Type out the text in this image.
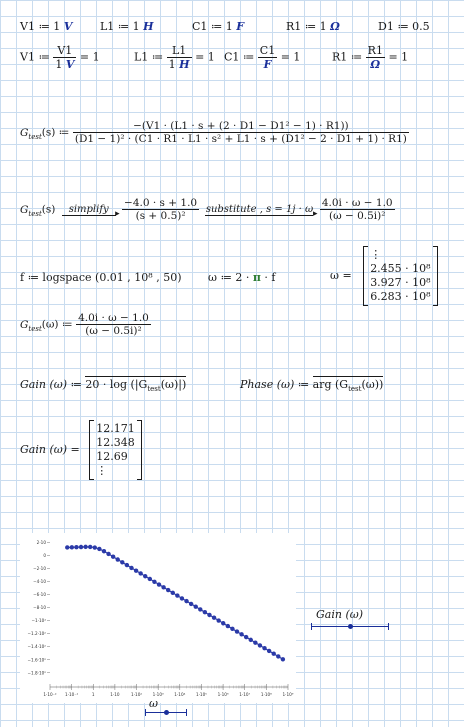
V1 ≔ 1 V	L1 ≔ 1 H	C1 ≔ 1 F	R1 ≔ 1 Ω	D1 ≔ 0.5
V1 ≔ $\frac{V1}{1 V} = 1$	L1 ≔ $\frac{L1}{1 H} = 1$ C1 ≔ $\frac{C1}{F} = 1$	R1 ≔ $\frac{R1}{\Omega} = 1$
$G_{test}(s)$ ≔
−(V1 · (L1 · s + (2 · D1 − D1² − 1) · R1))
(D1 − 1)² · (C1 · R1 · L1 · s² + L1 · s + (D1² − 2 · D1 + 1) · R1)
$G_{test}(s)$	simplify
▸
	$\frac{-4.0 \cdot s + 1.0}{\text{(s + 0.5)²}}$
substitute , s = 1j · ω
▸
$\frac{4.0i \cdot \omega - 1.0}{\text{(ω − 0.5i)²}}$
f ≔ logspace (0.01 , 10⁸ , 50) ω ≔ 2 · π · f	ω =
⋮
2.455 · 10⁸
3.927 · 10⁸
6.283 · 10⁸
$G_{test}(\omega)$ ≔ $\frac{4.0i \cdot \omega - 1.0}{\text{(ω − 0.5i)²}}$
Gain (ω) ≔ $20 \cdot \log (|G_{test}(\omega)|)$	Phase (ω) ≔ arg $(G_{test}(\omega))$
Gain (ω) =
12.171
12.348
12.69
⋮
2·10
0
−2·10
−4·10
−6·10
−8·10
−1·10²
−1.2·10²
−1.4·10²
−1.6·10²
−1.8·10²
1·10⁻² 1·10⁻¹	1	1·10	1·10²	1·10³	1·10⁴	1·10⁵	1·10⁶	1·10⁷	1·10⁸	1·10⁹
Gain (ω)
ω
